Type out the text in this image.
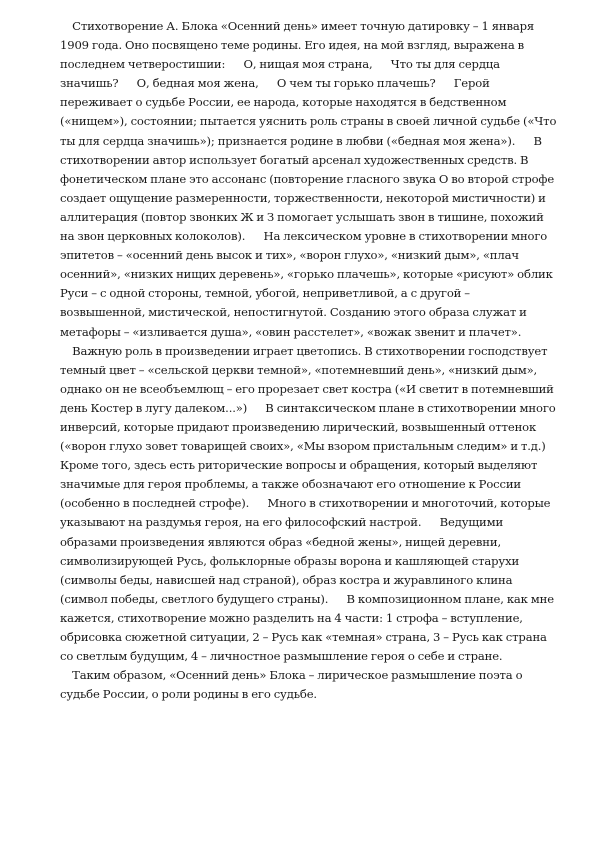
Стихотворение А. Блока «Осенний день» имеет точную датировку – 1 января
1909 года. Оно посвящено теме родины. Его идея, на мой взгляд, выражена в
последнем четверостишии:      О, нищая моя страна,      Что ты для сердца
значишь?      О, бедная моя жена,      О чем ты горько плачешь?      Герой
переживает о судьбе России, ее народа, которые находятся в бедственном
(«нищем»), состоянии; пытается уяснить роль страны в своей личной судьбе («Что
ты для сердца значишь»); признается родине в любви («бедная моя жена»).      В
стихотворении автор использует богатый арсенал художественных средств. В
фонетическом плане это ассонанс (повторение гласного звука О во второй строфе
создает ощущение размеренности, торжественности, некоторой мистичности) и
аллитерация (повтор звонких Ж и З помогает услышать звон в тишине, похожий
на звон церковных колоколов).      На лексическом уровне в стихотворении много
эпитетов – «осенний день высок и тих», «ворон глухо», «низкий дым», «плач
осенний», «низких нищих деревень», «горько плачешь», которые «рисуют» облик
Руси – с одной стороны, темной, убогой, неприветливой, а с другой –
возвышенной, мистической, непостигнутой. Созданию этого образа служат и
метафоры – «изливается душа», «овин расстелет», «вожак звенит и плачет».
Важную роль в произведении играет цветопись. В стихотворении господствует
темный цвет – «сельской церкви темной», «потемневший день», «низкий дым»,
однако он не всеобъемлющ – его прорезает свет костра («И светит в потемневший
день Костер в лугу далеком...»)      В синтаксическом плане в стихотворении много
инверсий, которые придают произведению лирический, возвышенный оттенок
(«ворон глухо зовет товарищей своих», «Мы взором пристальным следим» и т.д.)
Кроме того, здесь есть риторические вопросы и обращения, который выделяют
значимые для героя проблемы, а также обозначают его отношение к России
(особенно в последней строфе).      Много в стихотворении и многоточий, которые
указывают на раздумья героя, на его философский настрой.      Ведущими
образами произведения являются образ «бедной жены», нищей деревни,
символизирующей Русь, фольклорные образы ворона и кашляющей старухи
(символы беды, нависшей над страной), образ костра и журавлиного клина
(символ победы, светлого будущего страны).      В композиционном плане, как мне
кажется, стихотворение можно разделить на 4 части: 1 строфа – вступление,
обрисовка сюжетной ситуации, 2 – Русь как «темная» страна, 3 – Русь как страна
со светлым будущим, 4 – личностное размышление героя о себе и стране.
Таким образом, «Осенний день» Блока – лирическое размышление поэта о
судьбе России, о роли родины в его судьбе.
